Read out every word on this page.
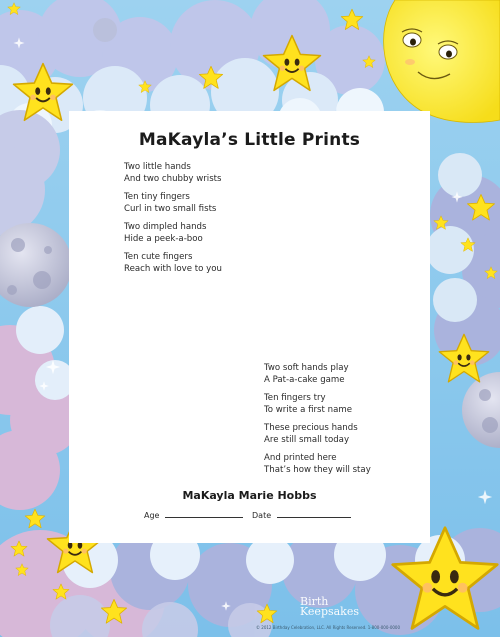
MaKayla’s Little Prints
Two little hands
And two chubby wrists
Ten tiny fingers
Curl in two small fists
Two dimpled hands
Hide a peek-a-boo
Ten cute fingers
Reach with love to you
Two soft hands play
A Pat-a-cake game
Ten fingers try
To write a first name
These precious hands
Are still small today
And printed here
That’s how they will stay
MaKayla Marie Hobbs
Age	Date
Birth
Keepsakes
© 2012 Birthday Celebration, LLC. All Rights Reserved. 1-800-000-0000
